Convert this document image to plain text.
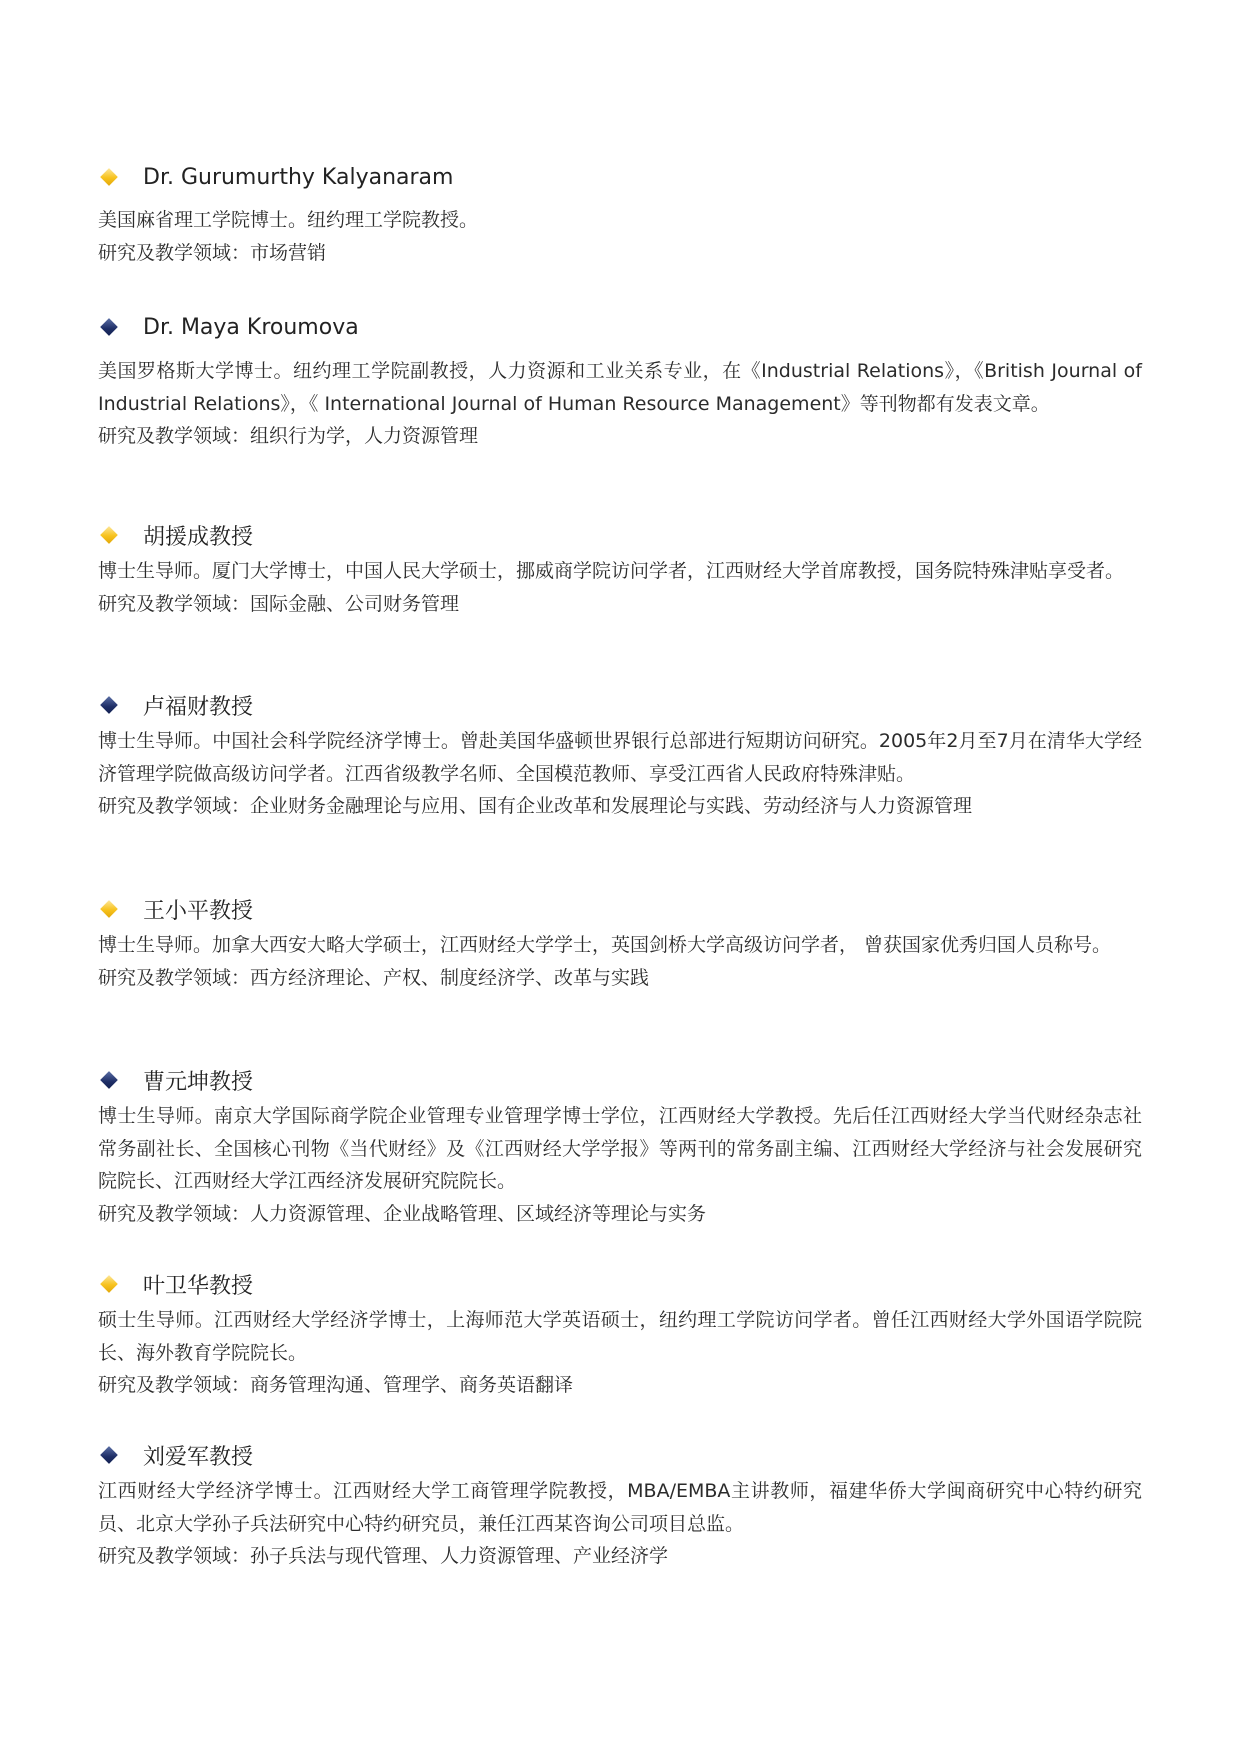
Dr. Gurumurthy Kalyanaram

美国麻省理工学院博士。纽约理工学院教授。

研究及教学领域：市场营销

Dr. Maya Kroumova

美国罗格斯大学博士。纽约理工学院副教授，人力资源和工业关系专业，在《Industrial Relations》，《British Journal of Industrial Relations》，《 International Journal of Human Resource Management》等刊物都有发表文章。

研究及教学领域：组织行为学，人力资源管理

胡援成教授

博士生导师。厦门大学博士，中国人民大学硕士，挪威商学院访问学者，江西财经大学首席教授，国务院特殊津贴享受者。

研究及教学领域：国际金融、公司财务管理

卢福财教授

博士生导师。中国社会科学院经济学博士。曾赴美国华盛顿世界银行总部进行短期访问研究。2005年2月至7月在清华大学经济管理学院做高级访问学者。江西省级教学名师、全国模范教师、享受江西省人民政府特殊津贴。

研究及教学领域：企业财务金融理论与应用、国有企业改革和发展理论与实践、劳动经济与人力资源管理

王小平教授

博士生导师。加拿大西安大略大学硕士，江西财经大学学士，英国剑桥大学高级访问学者， 曾获国家优秀归国人员称号。

研究及教学领域：西方经济理论、产权、制度经济学、改革与实践

曹元坤教授

博士生导师。南京大学国际商学院企业管理专业管理学博士学位，江西财经大学教授。先后任江西财经大学当代财经杂志社常务副社长、全国核心刊物《当代财经》及《江西财经大学学报》等两刊的常务副主编、江西财经大学经济与社会发展研究院院长、江西财经大学江西经济发展研究院院长。

研究及教学领域：人力资源管理、企业战略管理、区域经济等理论与实务

叶卫华教授

硕士生导师。江西财经大学经济学博士，上海师范大学英语硕士，纽约理工学院访问学者。曾任江西财经大学外国语学院院长、海外教育学院院长。

研究及教学领域：商务管理沟通、管理学、商务英语翻译

刘爱军教授

江西财经大学经济学博士。江西财经大学工商管理学院教授，MBA/EMBA主讲教师，福建华侨大学闽商研究中心特约研究员、北京大学孙子兵法研究中心特约研究员，兼任江西某咨询公司项目总监。

研究及教学领域：孙子兵法与现代管理、人力资源管理、产业经济学
